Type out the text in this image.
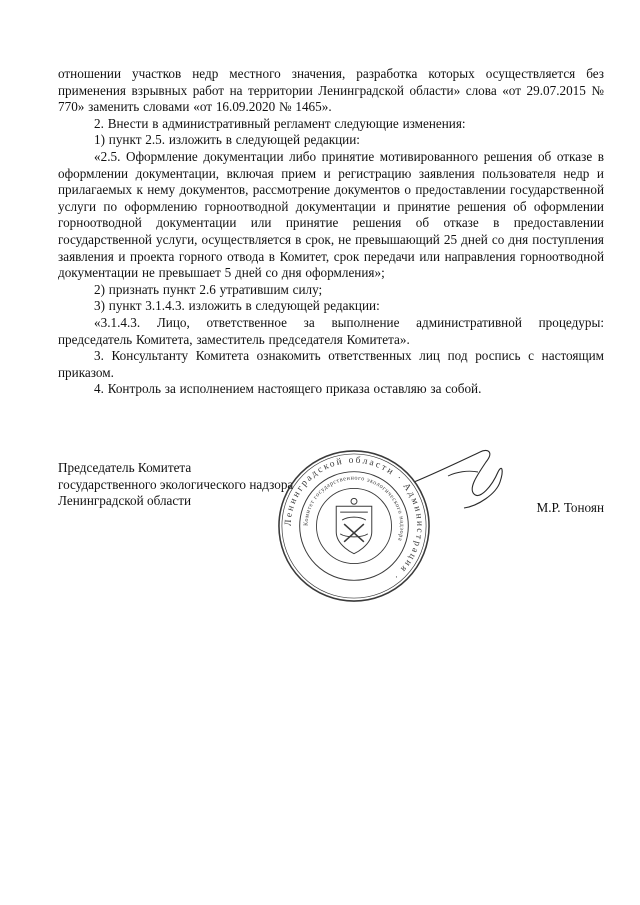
отношении участков недр местного значения, разработка которых осуществляется без применения взрывных работ на территории Ленинградской области» слова «от 29.07.2015 № 770» заменить словами «от 16.09.2020 № 1465».

2. Внести в административный регламент следующие изменения:

1) пункт 2.5. изложить в следующей редакции:

«2.5. Оформление документации либо принятие мотивированного решения об отказе в оформлении документации, включая прием и регистрацию заявления пользователя недр и прилагаемых к нему документов, рассмотрение документов о предоставлении государственной услуги по оформлению горноотводной документации и принятие решения об оформлении горноотводной документации или принятие решения об отказе в предоставлении государственной услуги, осуществляется в срок, не превышающий 25 дней со дня поступления заявления и проекта горного отвода в Комитет, срок передачи или направления горноотводной документации не превышает 5 дней со дня оформления»;

2) признать пункт 2.6 утратившим силу;

3) пункт 3.1.4.3. изложить в следующей редакции:

«3.1.4.3. Лицо, ответственное за выполнение административной процедуры: председатель Комитета, заместитель председателя Комитета».

3. Консультанту Комитета ознакомить ответственных лиц под роспись с настоящим приказом.

4. Контроль за исполнением настоящего приказа оставляю за собой.

Председатель Комитета

государственного экологического надзора

Ленинградской области	М.Р. Тоноян

Ленинградской области · Администрация ·
Комитет государственного экологического надзора
